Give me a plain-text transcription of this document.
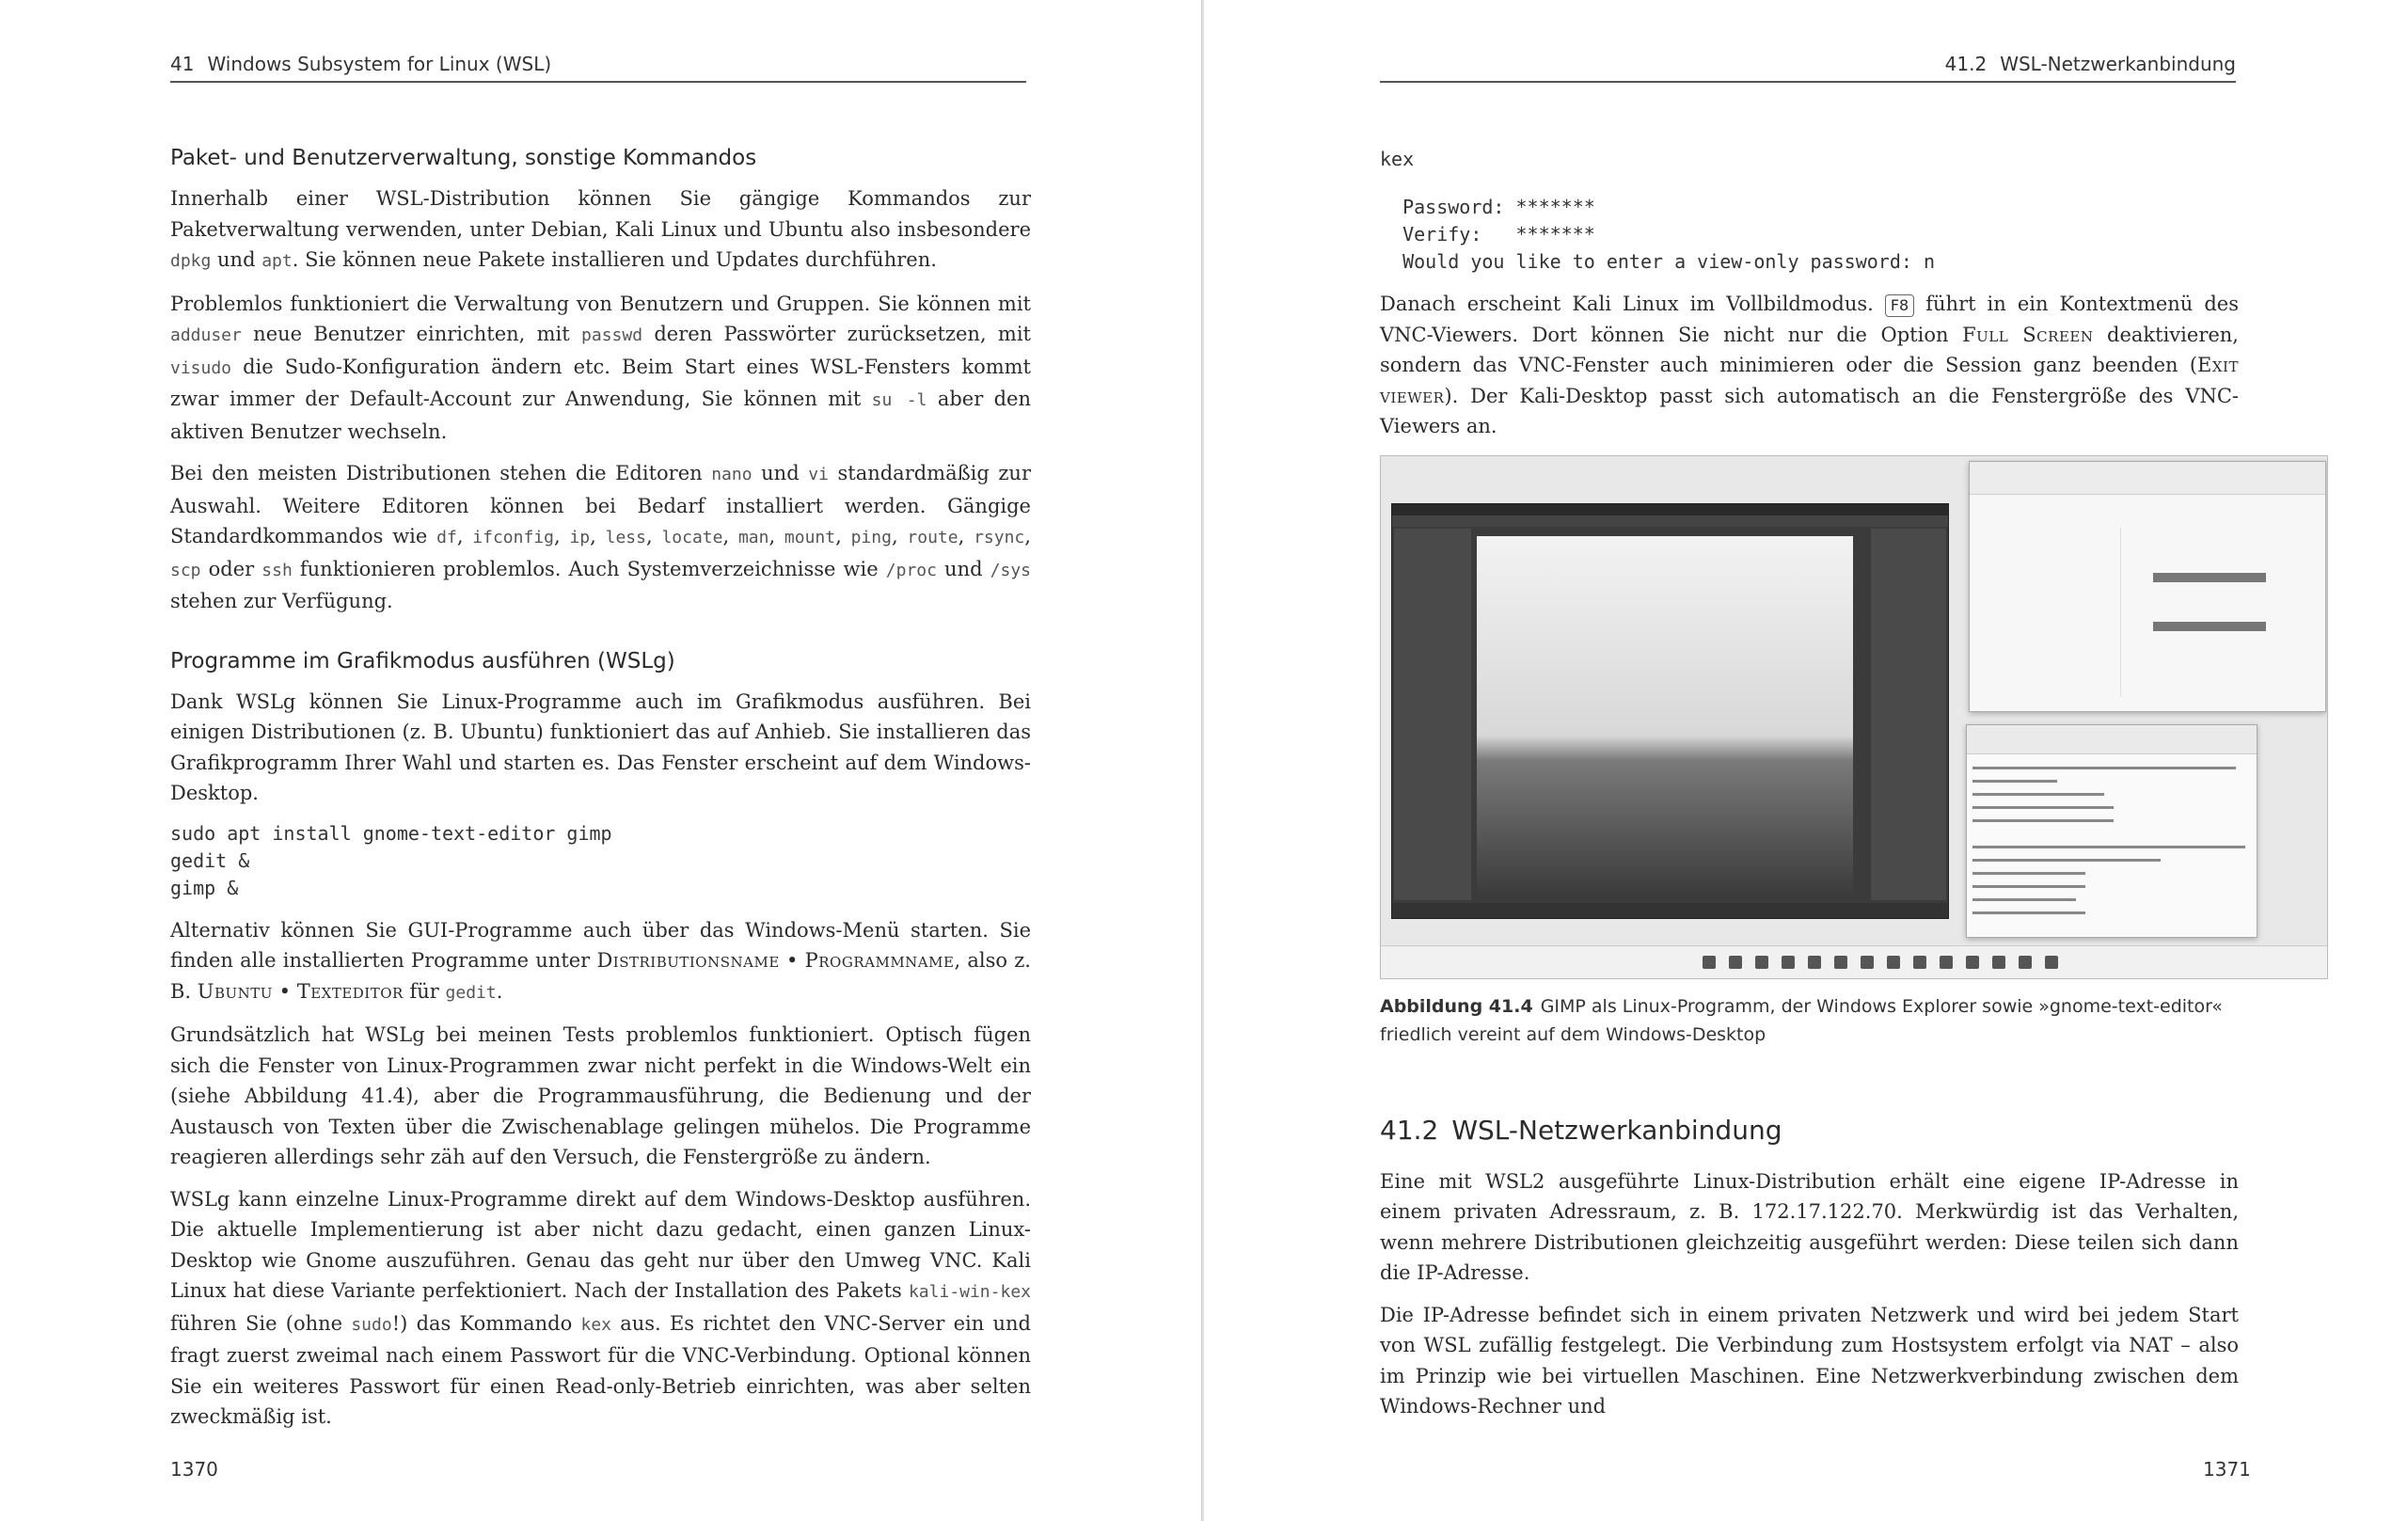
41 Windows Subsystem for Linux (WSL)
Paket- und Benutzerverwaltung, sonstige Kommandos

Innerhalb einer WSL-Distribution können Sie gängige Kommandos zur Paketverwaltung verwenden, unter Debian, Kali Linux und Ubuntu also insbesondere dpkg und apt. Sie können neue Pakete installieren und Updates durchführen.

Problemlos funktioniert die Verwaltung von Benutzern und Gruppen. Sie können mit adduser neue Benutzer einrichten, mit passwd deren Passwörter zurücksetzen, mit visudo die Sudo-Konfiguration ändern etc. Beim Start eines WSL-Fensters kommt zwar immer der Default-Account zur Anwendung, Sie können mit su -l aber den aktiven Benutzer wechseln.

Bei den meisten Distributionen stehen die Editoren nano und vi standardmäßig zur Auswahl. Weitere Editoren können bei Bedarf installiert werden. Gängige Standardkommandos wie df, ifconfig, ip, less, locate, man, mount, ping, route, rsync, scp oder ssh funktionieren problemlos. Auch Systemverzeichnisse wie /proc und /sys stehen zur Verfügung.

Programme im Grafikmodus ausführen (WSLg)

Dank WSLg können Sie Linux-Programme auch im Grafikmodus ausführen. Bei einigen Distributionen (z. B. Ubuntu) funktioniert das auf Anhieb. Sie installieren das Grafikprogramm Ihrer Wahl und starten es. Das Fenster erscheint auf dem Windows-Desktop.

sudo apt install gnome-text-editor gimp
gedit &
gimp &

Alternativ können Sie GUI-Programme auch über das Windows-Menü starten. Sie finden alle installierten Programme unter Distributionsname • Programmname, also z. B. Ubuntu • Texteditor für gedit.

Grundsätzlich hat WSLg bei meinen Tests problemlos funktioniert. Optisch fügen sich die Fenster von Linux-Programmen zwar nicht perfekt in die Windows-Welt ein (siehe Abbildung 41.4), aber die Programmausführung, die Bedienung und der Austausch von Texten über die Zwischenablage gelingen mühelos. Die Programme reagieren allerdings sehr zäh auf den Versuch, die Fenstergröße zu ändern.

WSLg kann einzelne Linux-Programme direkt auf dem Windows-Desktop ausführen. Die aktuelle Implementierung ist aber nicht dazu gedacht, einen ganzen Linux-Desktop wie Gnome auszuführen. Genau das geht nur über den Umweg VNC. Kali Linux hat diese Variante perfektioniert. Nach der Installation des Pakets kali-win-kex führen Sie (ohne sudo!) das Kommando kex aus. Es richtet den VNC-Server ein und fragt zuerst zweimal nach einem Passwort für die VNC-Verbindung. Optional können Sie ein weiteres Passwort für einen Read-only-Betrieb einrichten, was aber selten zweckmäßig ist.

1370
41.2 WSL-Netzwerkanbindung
kex
Password: *******
Verify:   *******
Would you like to enter a view-only password: n

Danach erscheint Kali Linux im Vollbildmodus. F8 führt in ein Kontextmenü des VNC-Viewers. Dort können Sie nicht nur die Option Full Screen deaktivieren, sondern das VNC-Fenster auch minimieren oder die Session ganz beenden (Exit viewer). Der Kali-Desktop passt sich automatisch an die Fenstergröße des VNC-Viewers an.

Abbildung 41.4 GIMP als Linux-Programm, der Windows Explorer sowie »gnome-text-editor« friedlich vereint auf dem Windows-Desktop
41.2 WSL-Netzwerkanbindung

Eine mit WSL2 ausgeführte Linux-Distribution erhält eine eigene IP-Adresse in einem privaten Adressraum, z. B. 172.17.122.70. Merkwürdig ist das Verhalten, wenn mehrere Distributionen gleichzeitig ausgeführt werden: Diese teilen sich dann die IP-Adresse.

Die IP-Adresse befindet sich in einem privaten Netzwerk und wird bei jedem Start von WSL zufällig festgelegt. Die Verbindung zum Hostsystem erfolgt via NAT – also im Prinzip wie bei virtuellen Maschinen. Eine Netzwerkverbindung zwischen dem Windows-Rechner und

1371
